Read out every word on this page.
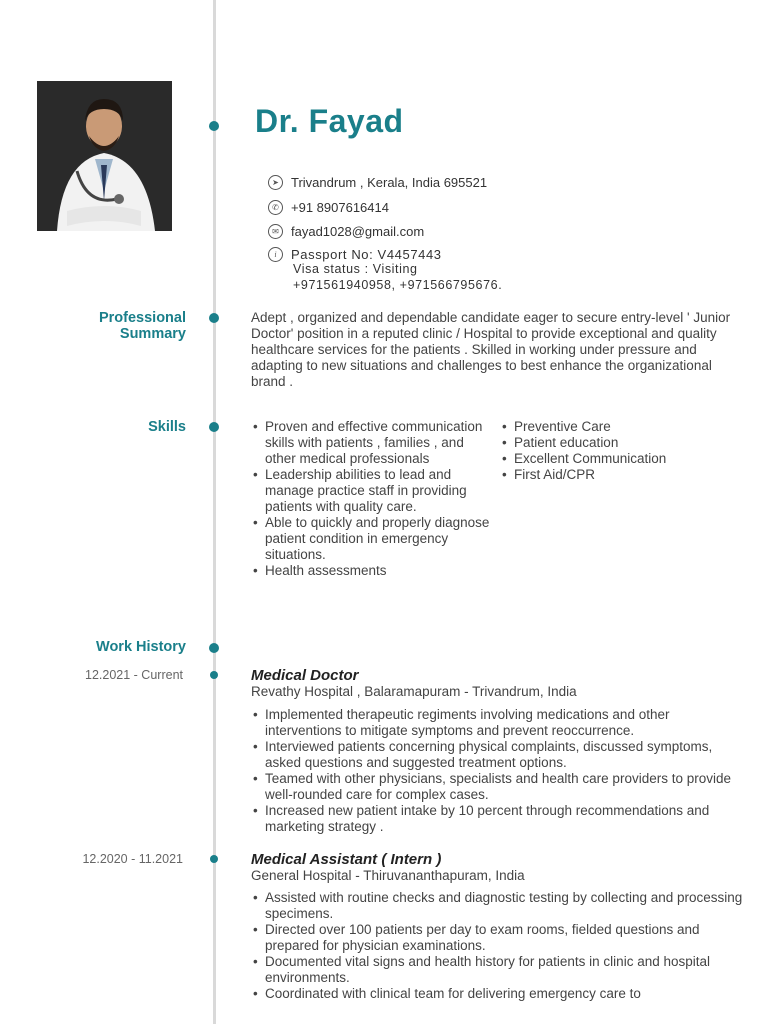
Dr. Fayad
➤ Trivandrum , Kerala, India 695521
✆ +91 8907616414
✉ fayad1028@gmail.com
i Passport No: V4457443
Visa status : Visiting
+971561940958, +971566795676.
Professional
Summary
Adept , organized and dependable candidate eager to secure entry-level ' Junior Doctor' position in a reputed clinic / Hospital to provide exceptional and quality healthcare services for the patients . Skilled in working under pressure and adapting to new situations and challenges to best enhance the organizational brand .
Skills
•	Proven and effective communication skills with patients , families , and other medical professionals
• Leadership abilities to lead and manage practice staff in providing patients with quality care.
• Able to quickly and properly diagnose patient condition in emergency situations.
• Health assessments
• Preventive Care
• Patient education
• Excellent Communication
• First Aid/CPR
Work History
12.2021 - Current	Medical Doctor
Revathy Hospital , Balaramapuram - Trivandrum, India
• Implemented therapeutic regiments involving medications and other interventions to mitigate symptoms and prevent reoccurrence.
• Interviewed patients concerning physical complaints, discussed symptoms, asked questions and suggested treatment options.
• Teamed with other physicians, specialists and health care providers to provide well-rounded care for complex cases.
• Increased new patient intake by 10 percent through recommendations and marketing strategy .
12.2020 - 11.2021	Medical Assistant ( Intern )
General Hospital - Thiruvananthapuram, India
• Assisted with routine checks and diagnostic testing by collecting and processing specimens.
• Directed over 100 patients per day to exam rooms, fielded questions and prepared for physician examinations.
• Documented vital signs and health history for patients in clinic and hospital environments.
• Coordinated with clinical team for delivering emergency care to
